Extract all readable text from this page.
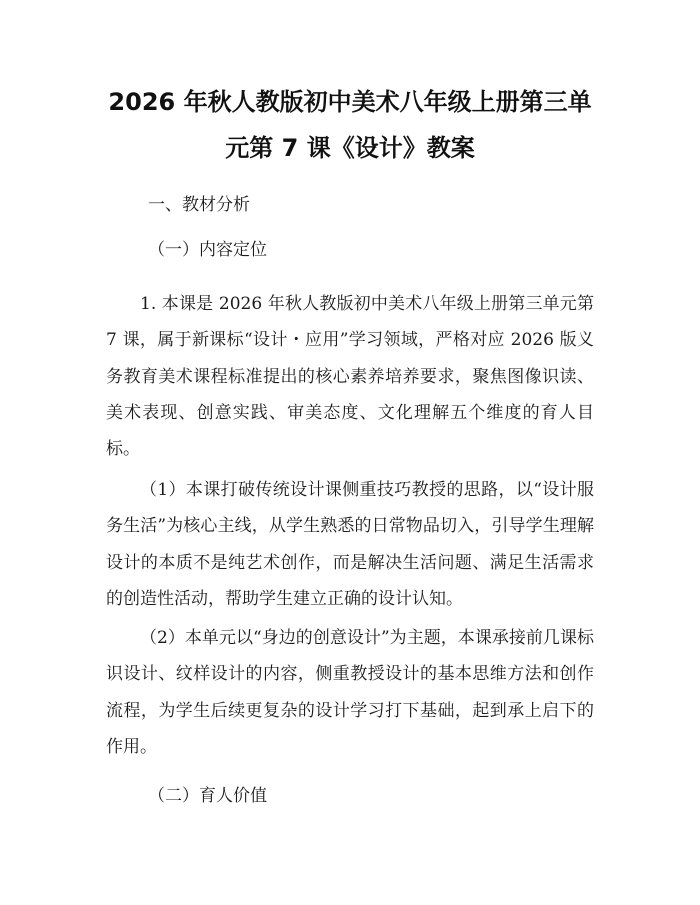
2026 年秋人教版初中美术八年级上册第三单
元第 7 课《设计》教案
一、教材分析
（一）内容定位
1. 本课是 2026 年秋人教版初中美术八年级上册第三单元第 7 课，属于新课标“设计・应用”学习领域，严格对应 2026 版义务教育美术课程标准提出的核心素养培养要求，聚焦图像识读、美术表现、创意实践、审美态度、文化理解五个维度的育人目标。
（1）本课打破传统设计课侧重技巧教授的思路，以“设计服务生活”为核心主线，从学生熟悉的日常物品切入，引导学生理解设计的本质不是纯艺术创作，而是解决生活问题、满足生活需求的创造性活动，帮助学生建立正确的设计认知。
（2）本单元以“身边的创意设计”为主题，本课承接前几课标识设计、纹样设计的内容，侧重教授设计的基本思维方法和创作流程，为学生后续更复杂的设计学习打下基础，起到承上启下的作用。
（二）育人价值
